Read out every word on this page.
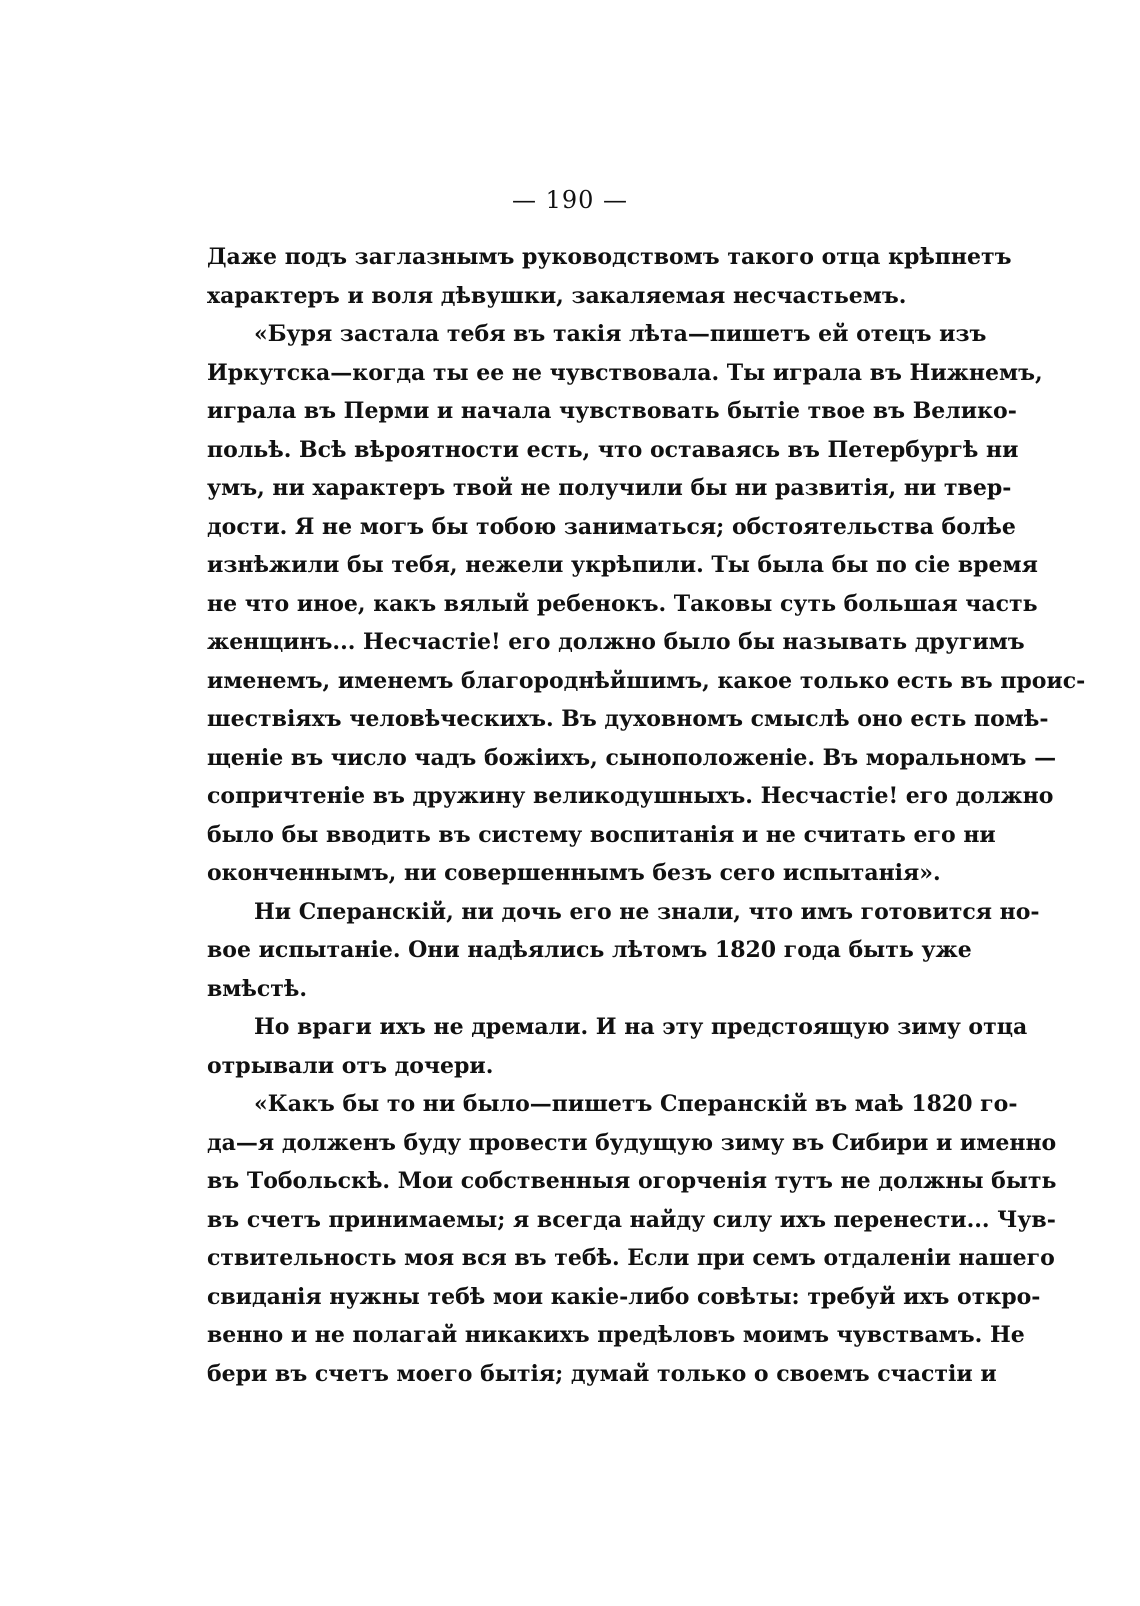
— 190 —
Даже подъ заглазнымъ руководствомъ такого отца крѣпнетъ
характеръ и воля дѣвушки, закаляемая несчастьемъ.
«Буря застала тебя въ такія лѣта—пишетъ ей отецъ изъ
Иркутска—когда ты ее не чувствовала. Ты играла въ Нижнемъ,
играла въ Перми и начала чувствовать бытіе твое въ Велико-
польѣ. Всѣ вѣроятности есть, что оставаясь въ Петербургѣ ни
умъ, ни характеръ твой не получили бы ни развитія, ни твер-
дости. Я не могъ бы тобою заниматься; обстоятельства болѣе
изнѣжили бы тебя, нежели укрѣпили. Ты была бы по сіе время
не что иное, какъ вялый ребенокъ. Таковы суть большая часть
женщинъ... Несчастіе! его должно было бы называть другимъ
именемъ, именемъ благороднѣйшимъ, какое только есть въ проис-
шествіяхъ человѣческихъ. Въ духовномъ смыслѣ оно есть помѣ-
щеніе въ число чадъ божіихъ, сыноположеніе. Въ моральномъ —
сопричтеніе въ дружину великодушныхъ. Несчастіе! его должно
было бы вводить въ систему воспитанія и не считать его ни
оконченнымъ, ни совершеннымъ безъ сего испытанія».
Ни Сперанскій, ни дочь его не знали, что имъ готовится но-
вое испытаніе. Они надѣялись лѣтомъ 1820 года быть уже
вмѣстѣ.
Но враги ихъ не дремали. И на эту предстоящую зиму отца
отрывали отъ дочери.
«Какъ бы то ни было—пишетъ Сперанскій въ маѣ 1820 го-
да—я долженъ буду провести будущую зиму въ Сибири и именно
въ Тобольскѣ. Мои собственныя огорченія тутъ не должны быть
въ счетъ принимаемы; я всегда найду силу ихъ перенести... Чув-
ствительность моя вся въ тебѣ. Если при семъ отдаленіи нашего
свиданія нужны тебѣ мои какіе-либо совѣты: требуй ихъ откро-
венно и не полагай никакихъ предѣловъ моимъ чувствамъ. Не
бери въ счетъ моего бытія; думай только о своемъ счастіи и
